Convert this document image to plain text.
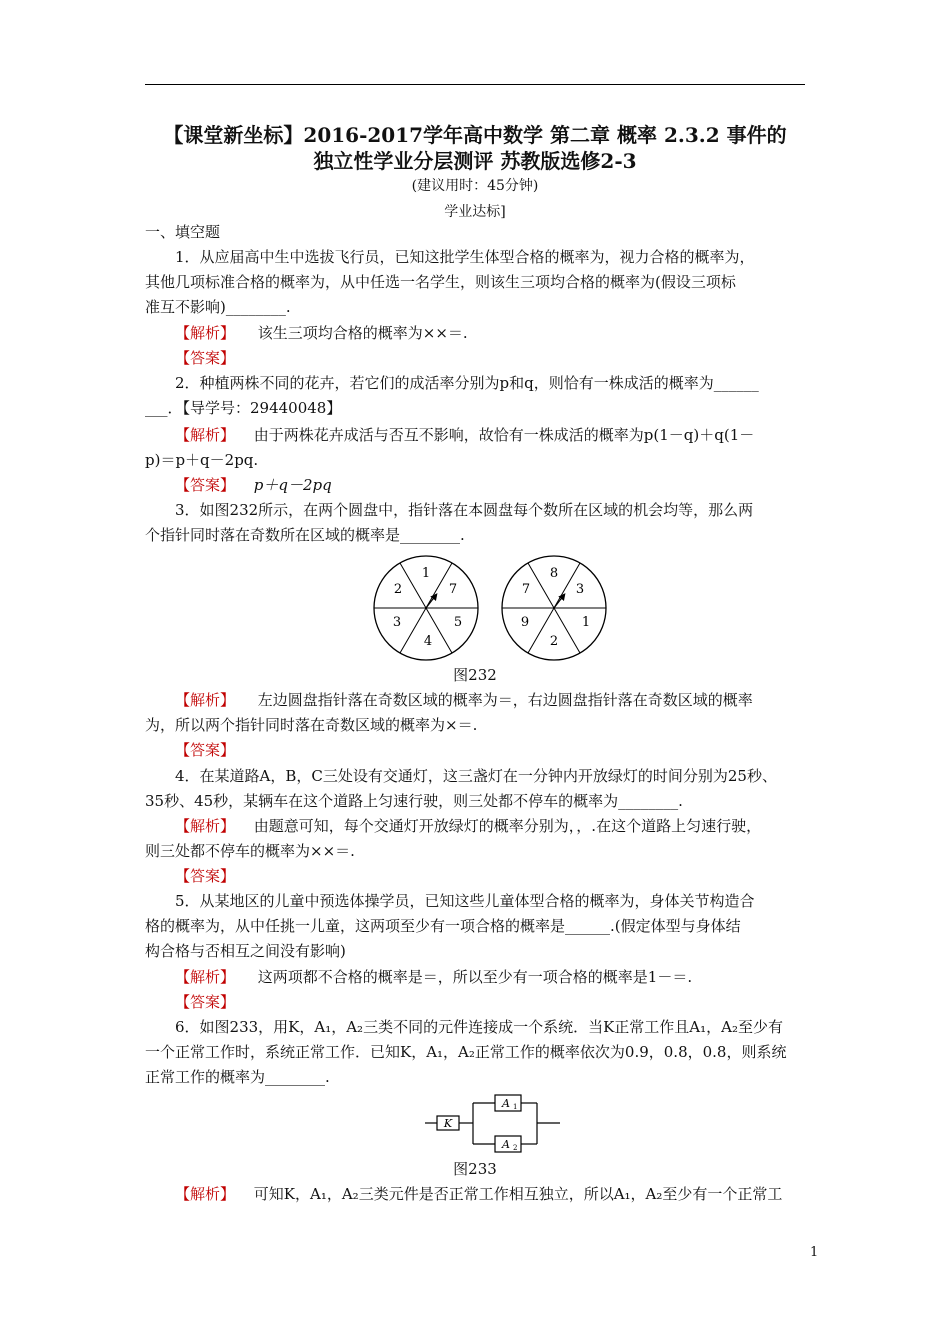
【课堂新坐标】2016-2017学年高中数学 第二章 概率 2.3.2 事件的
独立性学业分层测评 苏教版选修2-3
(建议用时：45分钟)
学业达标]
一、填空题
1．从应届高中生中选拔飞行员，已知这批学生体型合格的概率为，视力合格的概率为，
其他几项标准合格的概率为，从中任选一名学生，则该生三项均合格的概率为(假设三项标
准互不影响)________.
【解析】 该生三项均合格的概率为××＝.
【答案】
2．种植两株不同的花卉，若它们的成活率分别为p和q，则恰有一株成活的概率为______
___．【导学号：29440048】
【解析】 由于两株花卉成活与否互不影响，故恰有一株成活的概率为p(1－q)＋q(1－
p)＝p＋q－2pq.
【答案】 p＋q－2pq
3．如图232所示，在两个圆盘中，指针落在本圆盘每个数所在区域的机会均等，那么两
个指针同时落在奇数所在区域的概率是________.
1
7
5
4
3
2
8
3
1
2
9
7
图232
【解析】 左边圆盘指针落在奇数区域的概率为＝，右边圆盘指针落在奇数区域的概率
为，所以两个指针同时落在奇数区域的概率为×＝.
【答案】
4．在某道路A，B，C三处设有交通灯，这三盏灯在一分钟内开放绿灯的时间分别为25秒、
35秒、45秒，某辆车在这个道路上匀速行驶，则三处都不停车的概率为________.
【解析】 由题意可知，每个交通灯开放绿灯的概率分别为，，.在这个道路上匀速行驶，
则三处都不停车的概率为××＝.
【答案】
5．从某地区的儿童中预选体操学员，已知这些儿童体型合格的概率为，身体关节构造合
格的概率为，从中任挑一儿童，这两项至少有一项合格的概率是______.(假定体型与身体结
构合格与否相互之间没有影响)
【解析】 这两项都不合格的概率是＝，所以至少有一项合格的概率是1－＝.
【答案】
6．如图233，用K，A₁，A₂三类不同的元件连接成一个系统．当K正常工作且A₁，A₂至少有
一个正常工作时，系统正常工作．已知K，A₁，A₂正常工作的概率依次为0.9，0.8，0.8，则系统
正常工作的概率为________.
K
A 1
A 2
图233
【解析】 可知K，A₁，A₂三类元件是否正常工作相互独立，所以A₁，A₂至少有一个正常工
1
